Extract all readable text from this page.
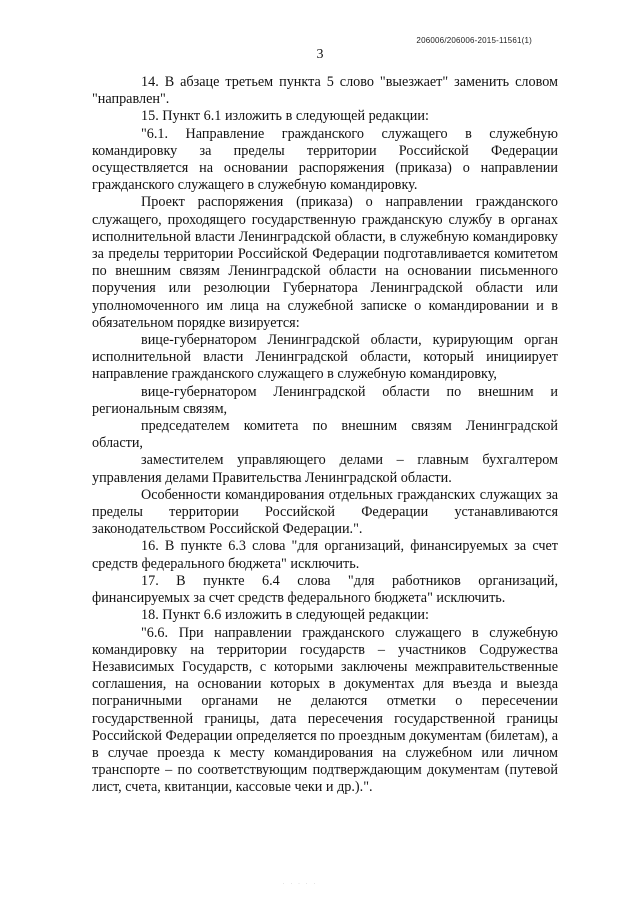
206006/206006-2015-11561(1)
3

14. В абзаце третьем пункта 5 слово "выезжает" заменить словом "направлен".

15. Пункт 6.1 изложить в следующей редакции:

"6.1. Направление гражданского служащего в служебную командировку за пределы территории Российской Федерации осуществляется на основании распоряжения (приказа) о направлении гражданского служащего в служебную командировку.

Проект распоряжения (приказа) о направлении гражданского служащего, проходящего государственную гражданскую службу в органах исполнительной власти Ленинградской области, в служебную командировку за пределы территории Российской Федерации подготавливается комитетом по внешним связям Ленинградской области на основании письменного поручения или резолюции Губернатора Ленинградской области или уполномоченного им лица на служебной записке о командировании и в обязательном порядке визируется:

вице-губернатором Ленинградской области, курирующим орган исполнительной власти Ленинградской области, который инициирует направление гражданского служащего в служебную командировку,

вице-губернатором Ленинградской области по внешним и региональным связям,

председателем комитета по внешним связям Ленинградской области,

заместителем управляющего делами – главным бухгалтером управления делами Правительства Ленинградской области.

Особенности командирования отдельных гражданских служащих за пределы территории Российской Федерации устанавливаются законодательством Российской Федерации.".

16. В пункте 6.3 слова "для организаций, финансируемых за счет средств федерального бюджета" исключить.

17. В пункте 6.4 слова "для работников организаций, финансируемых за счет средств федерального бюджета" исключить.

18. Пункт 6.6 изложить в следующей редакции:

"6.6. При направлении гражданского служащего в служебную командировку на территории государств – участников Содружества Независимых Государств, с которыми заключены межправительственные соглашения, на основании которых в документах для въезда и выезда пограничными органами не делаются отметки о пересечении государственной границы, дата пересечения государственной границы Российской Федерации определяется по проездным документам (билетам), а в случае проезда к месту командирования на служебном или личном транспорте – по соответствующим подтверждающим документам (путевой лист, счета, квитанции, кассовые чеки и др.).".

· · · · ·
